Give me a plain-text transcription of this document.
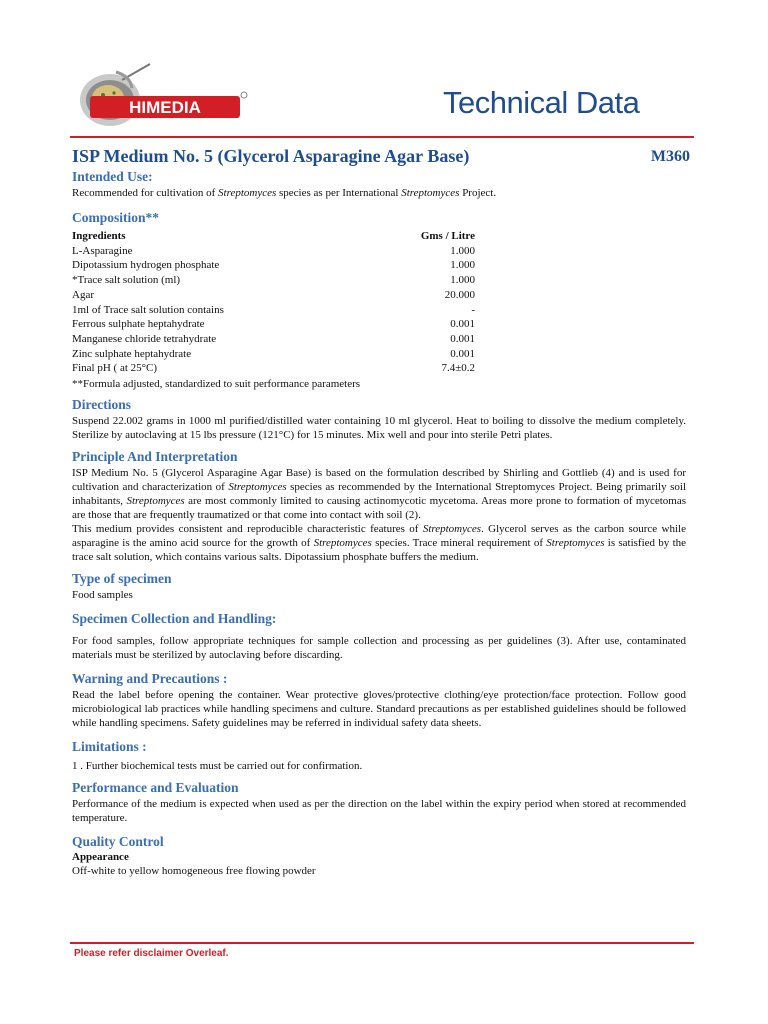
HIMEDIA	Technical Data
ISP Medium No. 5 (Glycerol Asparagine Agar Base)	M360

Intended Use:

Recommended for cultivation of Streptomyces species as per International Streptomyces Project.

Composition**

Ingredients	Gms / Litre
L-Asparagine	1.000
Dipotassium hydrogen phosphate	1.000
*Trace salt solution (ml)	1.000
Agar	20.000
1ml of Trace salt solution contains	-
Ferrous sulphate heptahydrate	0.001
Manganese chloride tetrahydrate	0.001
Zinc sulphate heptahydrate	0.001
Final pH ( at 25°C)	7.4±0.2

**Formula adjusted, standardized to suit performance parameters

Directions

Suspend 22.002 grams in 1000 ml purified/distilled water containing 10 ml glycerol. Heat to boiling to dissolve the medium completely. Sterilize by autoclaving at 15 lbs pressure (121°C) for 15 minutes. Mix well and pour into sterile Petri plates.

Principle And Interpretation

ISP Medium No. 5 (Glycerol Asparagine Agar Base) is based on the formulation described by Shirling and Gottlieb (4) and is used for cultivation and characterization of Streptomyces species as recommended by the International Streptomyces Project. Being primarily soil inhabitants, Streptomyces are most commonly limited to causing actinomycotic mycetoma. Areas more prone to formation of mycetomas are those that are frequently traumatized or that come into contact with soil (2).

This medium provides consistent and reproducible characteristic features of Streptomyces. Glycerol serves as the carbon source while asparagine is the amino acid source for the growth of Streptomyces species. Trace mineral requirement of Streptomyces is satisfied by the trace salt solution, which contains various salts. Dipotassium phosphate buffers the medium.

Type of specimen

Food samples

Specimen Collection and Handling:

For food samples, follow appropriate techniques for sample collection and processing as per guidelines (3). After use, contaminated materials must be sterilized by autoclaving before discarding.

Warning and Precautions :

Read the label before opening the container. Wear protective gloves/protective clothing/eye protection/face protection. Follow good microbiological lab practices while handling specimens and culture. Standard precautions as per established guidelines should be followed while handling specimens. Safety guidelines may be referred in individual safety data sheets.

Limitations :

1 . Further biochemical tests must be carried out for confirmation.

Performance and Evaluation

Performance of the medium is expected when used as per the direction on the label within the expiry period when stored at recommended temperature.

Quality Control

Appearance

Off-white to yellow homogeneous free flowing powder

Please refer disclaimer Overleaf.
